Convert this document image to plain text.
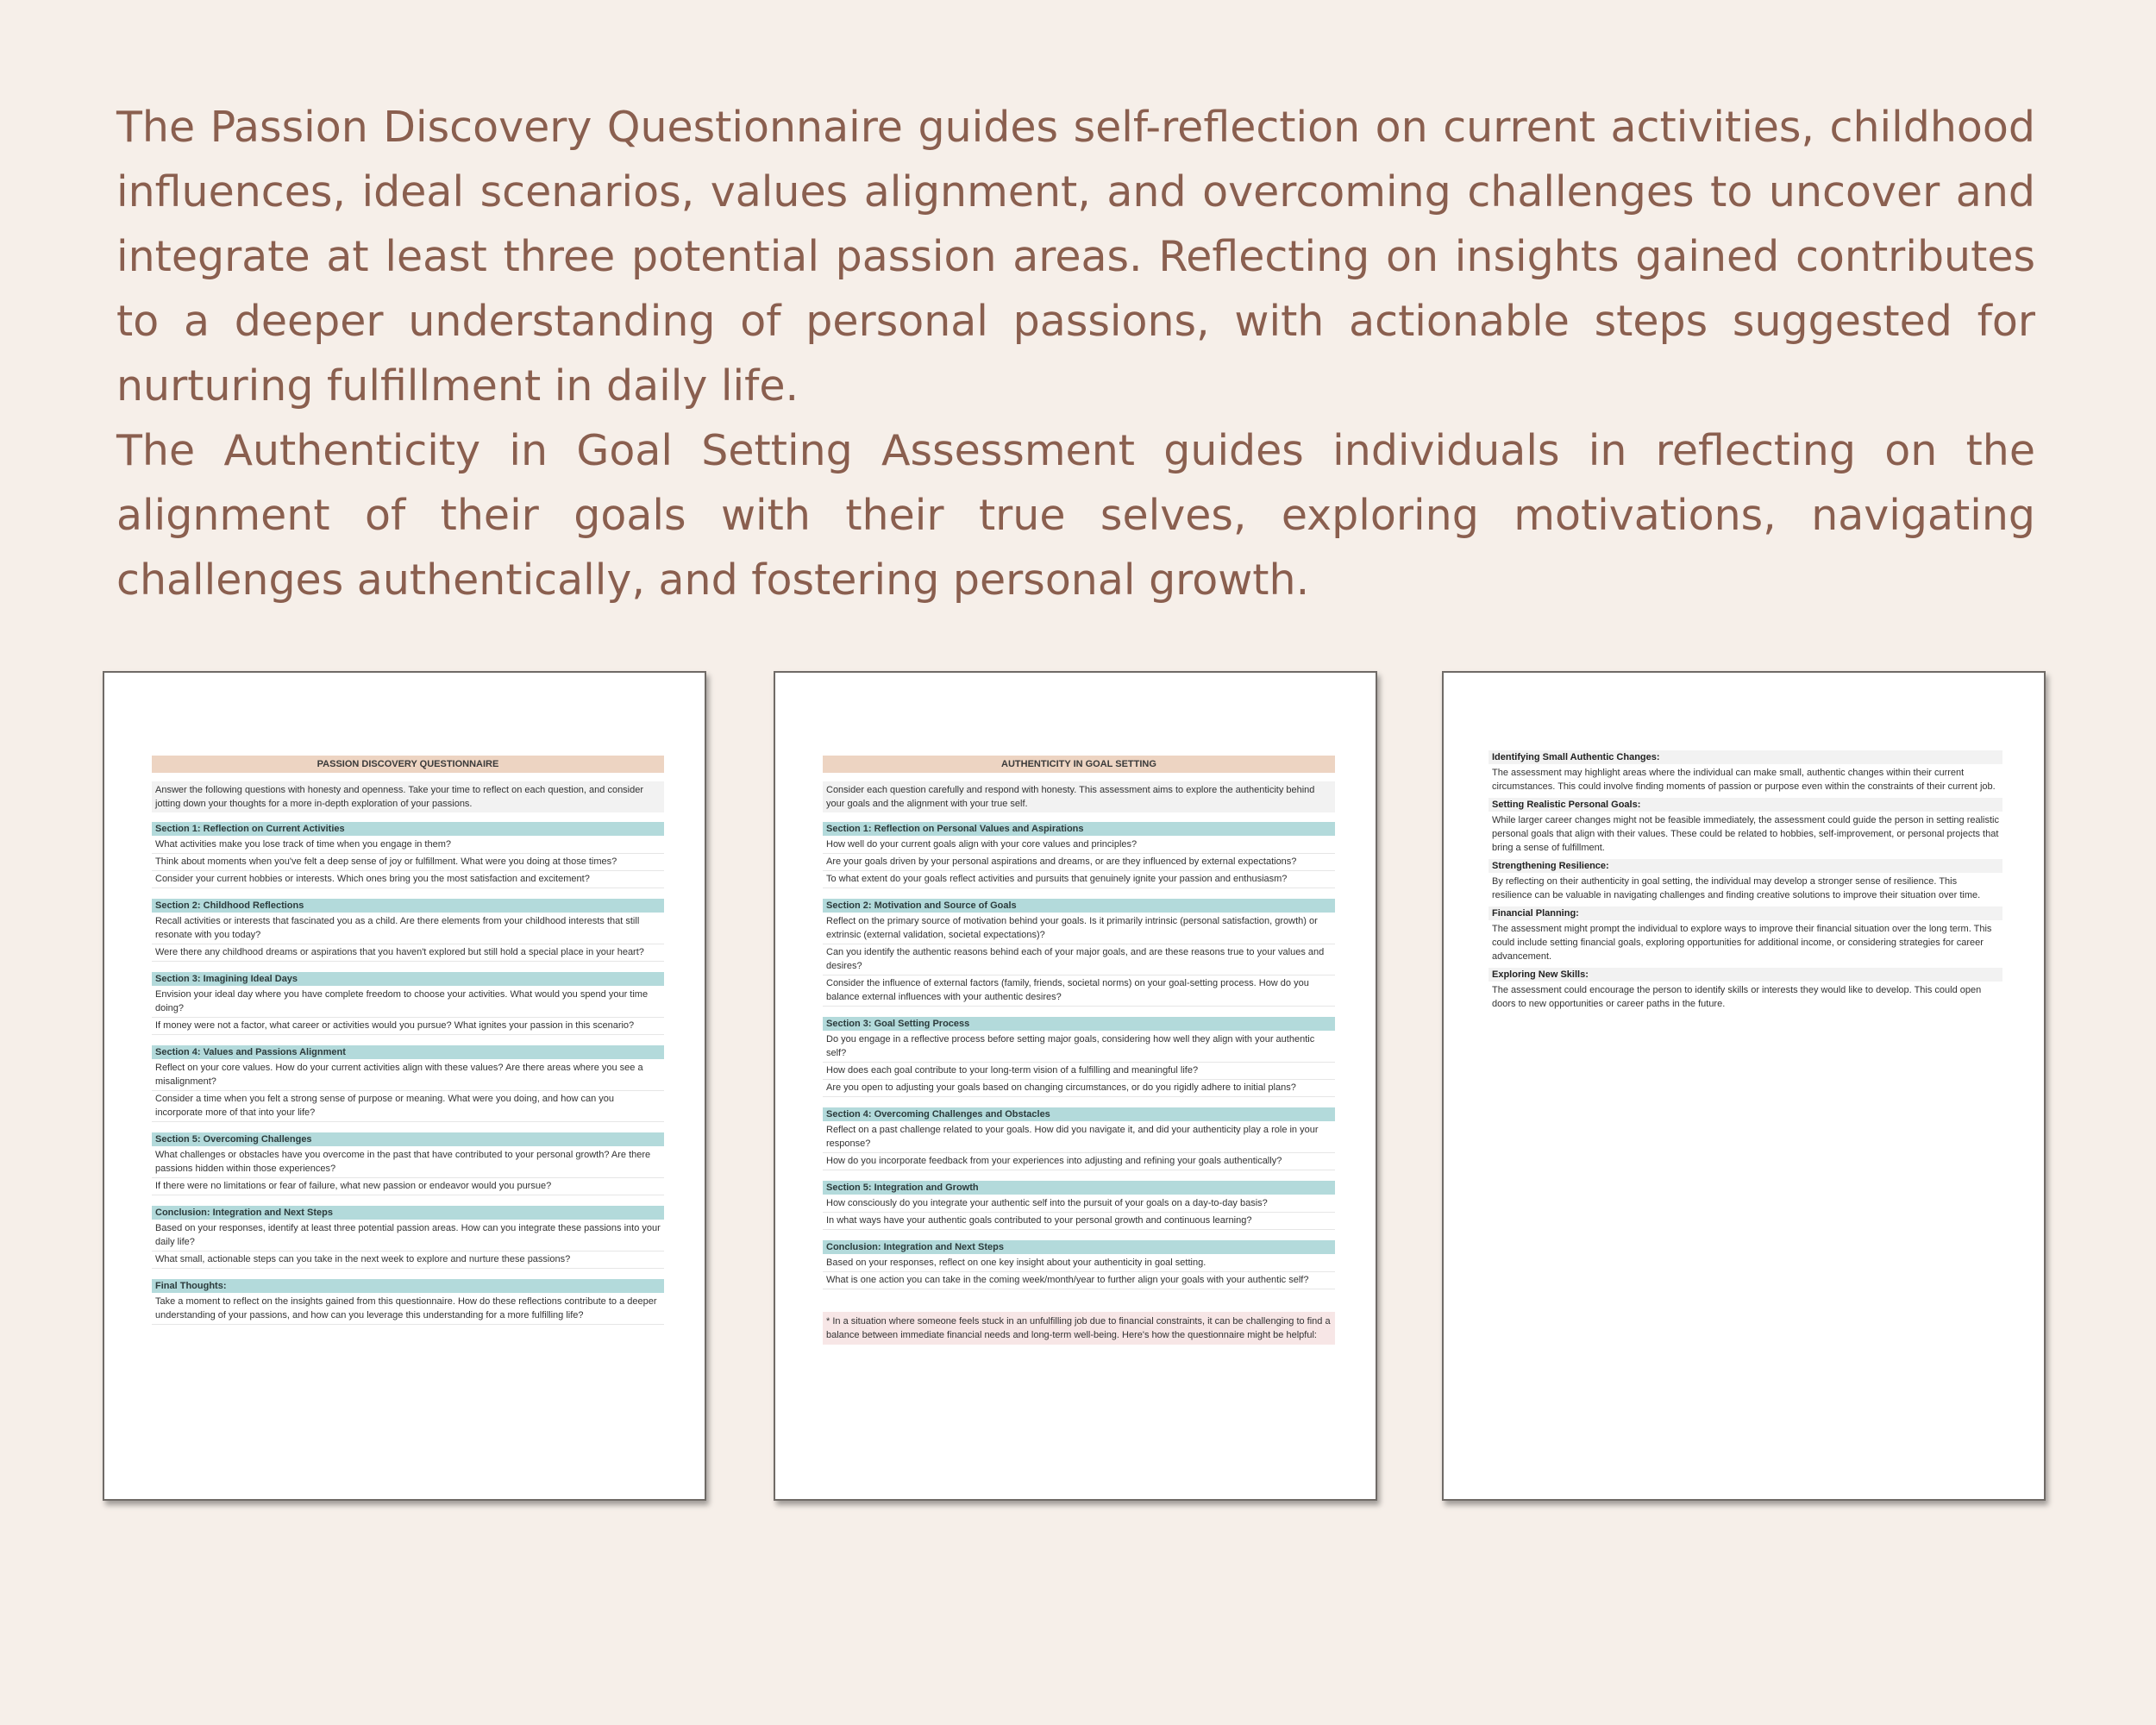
The Passion Discovery Questionnaire guides self-reflection on current activities, childhood influences, ideal scenarios, values alignment, and overcoming challenges to uncover and integrate at least three potential passion areas. Reflecting on insights gained contributes to a deeper understanding of personal passions, with actionable steps suggested for nurturing fulfillment in daily life.

The Authenticity in Goal Setting Assessment guides individuals in reflecting on the alignment of their goals with their true selves, exploring motivations, navigating challenges authentically, and fostering personal growth.

PASSION DISCOVERY QUESTIONNAIRE
Answer the following questions with honesty and openness. Take your time to reflect on each question, and consider jotting down your thoughts for a more in-depth exploration of your passions.
Section 1: Reflection on Current Activities
What activities make you lose track of time when you engage in them?
Think about moments when you've felt a deep sense of joy or fulfillment. What were you doing at those times?
Consider your current hobbies or interests. Which ones bring you the most satisfaction and excitement?
Section 2: Childhood Reflections
Recall activities or interests that fascinated you as a child. Are there elements from your childhood interests that still resonate with you today?
Were there any childhood dreams or aspirations that you haven't explored but still hold a special place in your heart?
Section 3: Imagining Ideal Days
Envision your ideal day where you have complete freedom to choose your activities. What would you spend your time doing?
If money were not a factor, what career or activities would you pursue? What ignites your passion in this scenario?
Section 4: Values and Passions Alignment
Reflect on your core values. How do your current activities align with these values? Are there areas where you see a misalignment?
Consider a time when you felt a strong sense of purpose or meaning. What were you doing, and how can you incorporate more of that into your life?
Section 5: Overcoming Challenges
What challenges or obstacles have you overcome in the past that have contributed to your personal growth? Are there passions hidden within those experiences?
If there were no limitations or fear of failure, what new passion or endeavor would you pursue?
Conclusion: Integration and Next Steps
Based on your responses, identify at least three potential passion areas. How can you integrate these passions into your daily life?
What small, actionable steps can you take in the next week to explore and nurture these passions?
Final Thoughts:
Take a moment to reflect on the insights gained from this questionnaire. How do these reflections contribute to a deeper understanding of your passions, and how can you leverage this understanding for a more fulfilling life?
AUTHENTICITY IN GOAL SETTING
Consider each question carefully and respond with honesty. This assessment aims to explore the authenticity behind your goals and the alignment with your true self.
Section 1: Reflection on Personal Values and Aspirations
How well do your current goals align with your core values and principles?
Are your goals driven by your personal aspirations and dreams, or are they influenced by external expectations?
To what extent do your goals reflect activities and pursuits that genuinely ignite your passion and enthusiasm?
Section 2: Motivation and Source of Goals
Reflect on the primary source of motivation behind your goals. Is it primarily intrinsic (personal satisfaction, growth) or extrinsic (external validation, societal expectations)?
Can you identify the authentic reasons behind each of your major goals, and are these reasons true to your values and desires?
Consider the influence of external factors (family, friends, societal norms) on your goal-setting process. How do you balance external influences with your authentic desires?
Section 3: Goal Setting Process
Do you engage in a reflective process before setting major goals, considering how well they align with your authentic self?
How does each goal contribute to your long-term vision of a fulfilling and meaningful life?
Are you open to adjusting your goals based on changing circumstances, or do you rigidly adhere to initial plans?
Section 4: Overcoming Challenges and Obstacles
Reflect on a past challenge related to your goals. How did you navigate it, and did your authenticity play a role in your response?
How do you incorporate feedback from your experiences into adjusting and refining your goals authentically?
Section 5: Integration and Growth
How consciously do you integrate your authentic self into the pursuit of your goals on a day-to-day basis?
In what ways have your authentic goals contributed to your personal growth and continuous learning?
Conclusion: Integration and Next Steps
Based on your responses, reflect on one key insight about your authenticity in goal setting.
What is one action you can take in the coming week/month/year to further align your goals with your authentic self?
* In a situation where someone feels stuck in an unfulfilling job due to financial constraints, it can be challenging to find a balance between immediate financial needs and long-term well-being. Here's how the questionnaire might be helpful:
Identifying Small Authentic Changes:
The assessment may highlight areas where the individual can make small, authentic changes within their current circumstances. This could involve finding moments of passion or purpose even within the constraints of their current job.
Setting Realistic Personal Goals:
While larger career changes might not be feasible immediately, the assessment could guide the person in setting realistic personal goals that align with their values. These could be related to hobbies, self-improvement, or personal projects that bring a sense of fulfillment.
Strengthening Resilience:
By reflecting on their authenticity in goal setting, the individual may develop a stronger sense of resilience. This resilience can be valuable in navigating challenges and finding creative solutions to improve their situation over time.
Financial Planning:
The assessment might prompt the individual to explore ways to improve their financial situation over the long term. This could include setting financial goals, exploring opportunities for additional income, or considering strategies for career advancement.
Exploring New Skills:
The assessment could encourage the person to identify skills or interests they would like to develop. This could open doors to new opportunities or career paths in the future.
